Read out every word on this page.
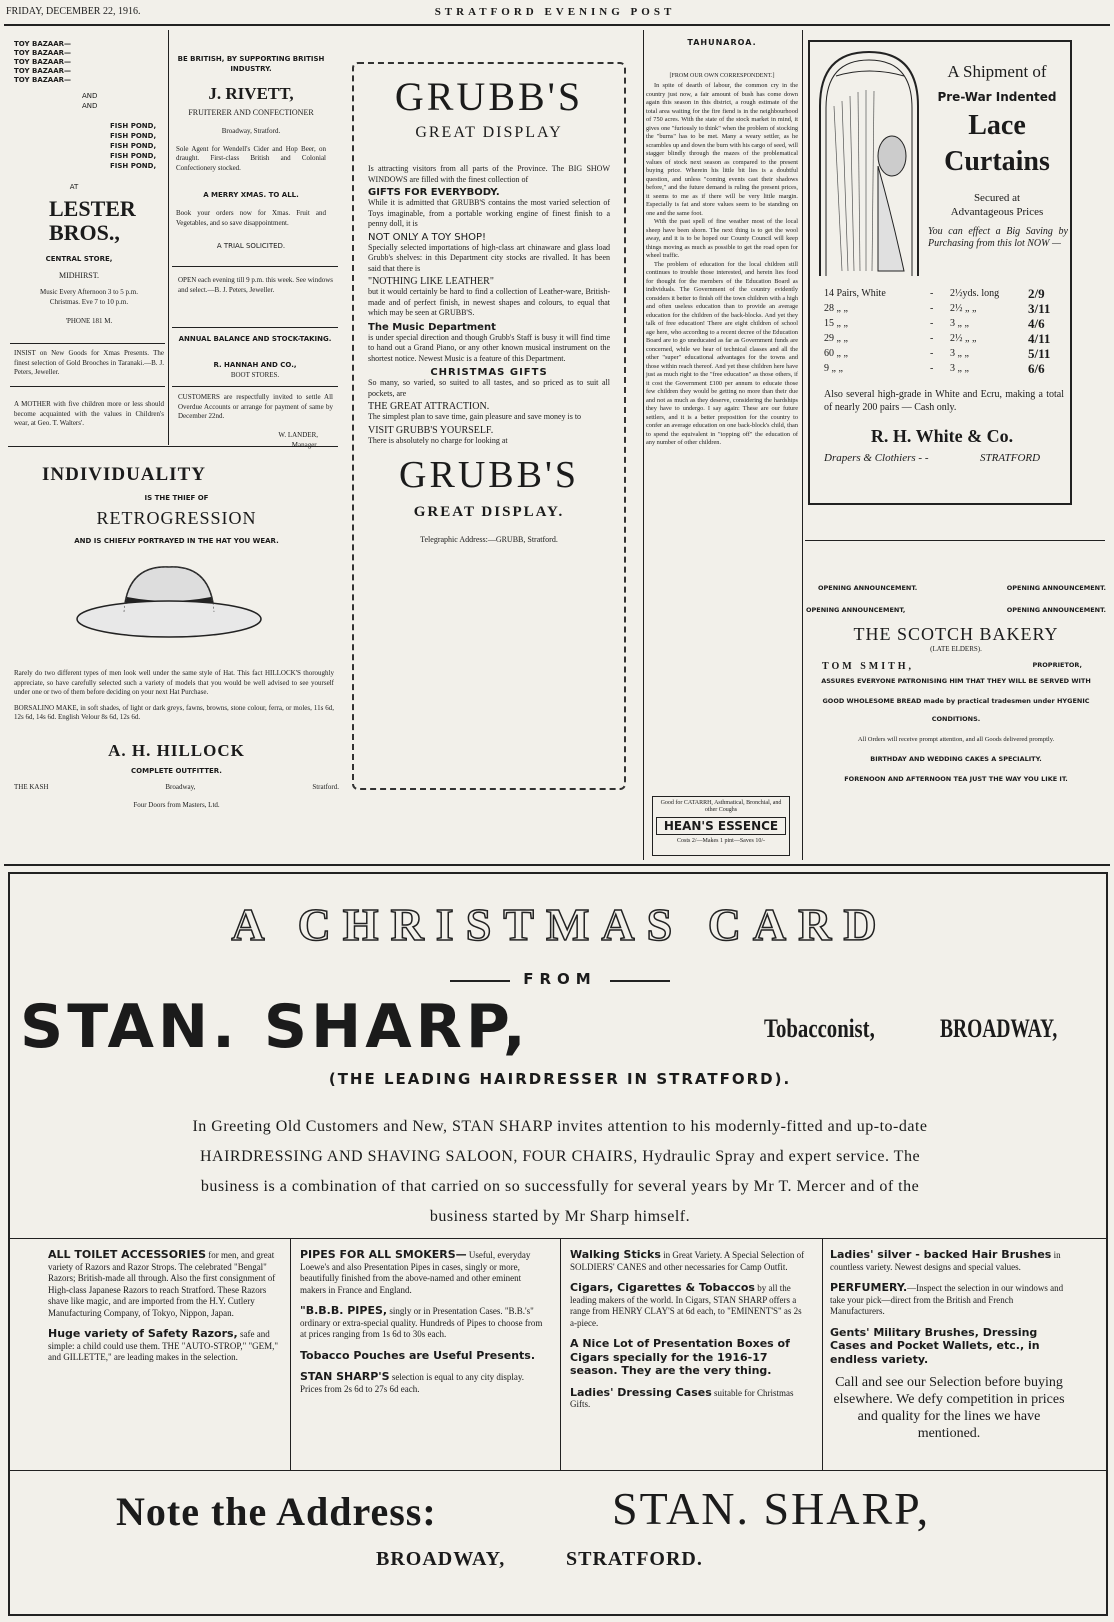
FRIDAY, DECEMBER 22, 1916.	STRATFORD EVENING POST
TOY BAZAAR—
TOY BAZAAR—
TOY BAZAAR—
TOY BAZAAR—
TOY BAZAAR—
AND
AND
FISH POND,
FISH POND,
FISH POND,
FISH POND,
FISH POND,
AT
LESTER BROS.,
CENTRAL STORE,
MIDHIRST.
Music Every Afternoon 3 to 5 p.m.
Christmas. Eve 7 to 10 p.m.
'PHONE 181 M.
INSIST on New Goods for Xmas Presents. The finest selection of Gold Brooches in Taranaki.—B. J. Peters, Jeweller.
A MOTHER with five children more or less should become acquainted with the values in Children's wear, at Geo. T. Walters'.
BE BRITISH, BY SUPPORTING BRITISH INDUSTRY.
J. RIVETT,
FRUITERER AND CONFECTIONER
Broadway, Stratford.
Sole Agent for Wendell's Cider and Hop Beer, on draught. First-class British and Colonial Confectionery stocked.
A MERRY XMAS. TO ALL.
Book your orders now for Xmas. Fruit and Vegetables, and so save disappointment.
A TRIAL SOLICITED.
OPEN each evening till 9 p.m. this week. See windows and select.—B. J. Peters, Jeweller.
ANNUAL BALANCE AND STOCK-TAKING.
R. HANNAH AND CO.,
BOOT STORES.
CUSTOMERS are respectfully invited to settle All Overdue Accounts or arrange for payment of same by December 22nd.
W. LANDER,
Manager.
INDIVIDUALITY
IS THE THIEF OF
RETROGRESSION
AND IS CHIEFLY PORTRAYED IN THE HAT YOU WEAR.
Rarely do two different types of men look well under the same style of Hat. This fact HILLOCK'S thoroughly appreciate, so have carefully selected such a variety of models that you would be well advised to see yourself under one or two of them before deciding on your next Hat Purchase.
BORSALINO MAKE, in soft shades, of light or dark greys, fawns, browns, stone colour, ferra, or moles, 11s 6d, 12s 6d, 14s 6d. English Velour 8s 6d, 12s 6d.
A. H. HILLOCK
COMPLETE OUTFITTER.
THE KASH	Broadway,	Stratford.
Four Doors from Masters, Ltd.
GRUBB'S
GREAT DISPLAY
Is attracting visitors from all parts of the Province. The BIG SHOW WINDOWS are filled with the finest collection of
GIFTS FOR EVERYBODY.
While it is admitted that GRUBB'S contains the most varied selection of Toys imaginable, from a portable working engine of finest finish to a penny doll, it is
NOT ONLY A TOY SHOP!
Specially selected importations of high-class art chinaware and glass load Grubb's shelves: in this Department city stocks are rivalled. It has been said that there is
"NOTHING LIKE LEATHER"
but it would certainly be hard to find a collection of Leather-ware, British-made and of perfect finish, in newest shapes and colours, to equal that which may be seen at GRUBB'S.
The Music Department
is under special direction and though Grubb's Staff is busy it will find time to hand out a Grand Piano, or any other known musical instrument on the shortest notice. Newest Music is a feature of this Department.
CHRISTMAS GIFTS
So many, so varied, so suited to all tastes, and so priced as to suit all pockets, are
THE GREAT ATTRACTION.
The simplest plan to save time, gain pleasure and save money is to
VISIT GRUBB'S YOURSELF.
There is absolutely no charge for looking at
GRUBB'S
GREAT DISPLAY.
Telegraphic Address:—GRUBB, Stratford.
TAHUNAROA.
[FROM OUR OWN CORRESPONDENT.]
In spite of dearth of labour, the common cry in the country just now, a fair amount of bush has come down again this season in this district, a rough estimate of the total area waiting for the fire fiend is in the neighbourhood of 750 acres. With the state of the stock market in mind, it gives one "furiously to think" when the problem of stocking the "burns" has to be met. Many a weary settler, as he scrambles up and down the burn with his cargo of seed, will stagger blindly through the mazes of the problematical values of stock next season as compared to the present buying price. Wherein his little bit lies is a doubtful question, and unless "coming events cast their shadows before," and the future demand is ruling the present prices, it seems to me as if there will be very little margin. Especially is fat and store values seem to be standing on one and the same foot.
With the past spell of fine weather most of the local sheep have been shorn. The next thing is to get the wool away, and it is to be hoped our County Council will keep things moving as much as possible to get the road open for wheel traffic.
The problem of education for the local children still continues to trouble those interested, and herein lies food for thought for the members of the Education Board as individuals. The Government of the country evidently considers it better to finish off the town children with a high and often useless education than to provide an average education for the children of the back-blocks. And yet they talk of free education! There are eight children of school age here, who according to a recent decree of the Education Board are to go uneducated as far as Government funds are concerned, while we hear of technical classes and all the other "super" educational advantages for the towns and those within reach thereof. And yet these children here have just as much right to the "free education" as those others, if it cost the Government £100 per annum to educate those few children they would be getting no more than their due and not as much as they deserve, considering the hardships they have to undergo. I say again: These are our future settlers, and it is a better preposition for the country to confer an average education on one back-block's child, than to spend the equivalent in "topping off" the education of any number of other children.
Good for CATARRH, Asthmatical, Bronchial, and other Coughs
HEAN'S ESSENCE
Costs 2/—Makes 1 pint—Saves 10/-
A Shipment of
Pre-War Indented
Lace
Curtains
Secured at
Advantageous Prices
You can effect a Big Saving by Purchasing from this lot NOW —
14 Pairs, White	-	2½yds. long	2/9
28 „ „	-	2½ „ „	3/11
15 „ „	-	3 „ „	4/6
29 „ „	-	2½ „ „	4/11
60 „ „	-	3 „ „	5/11
9 „ „	-	3 „ „	6/6
Also several high-grade in White and Ecru, making a total of nearly 200 pairs — Cash only.
R. H. White & Co.
Drapers & Clothiers - -	STRATFORD
OPENING ANNOUNCEMENT.	OPENING ANNOUNCEMENT.
OPENING ANNOUNCEMENT,	OPENING ANNOUNCEMENT.
THE SCOTCH BAKERY
(LATE ELDERS).
TOM SMITH,	PROPRIETOR,
ASSURES EVERYONE PATRONISING HIM THAT THEY WILL BE SERVED WITH
GOOD WHOLESOME BREAD made by practical tradesmen under HYGENIC CONDITIONS.
All Orders will receive prompt attention, and all Goods delivered promptly.
BIRTHDAY AND WEDDING CAKES A SPECIALITY.
FORENOON AND AFTERNOON TEA JUST THE WAY YOU LIKE IT.
A CHRISTMAS CARD
FROM
STAN. SHARP,	Tobacconist,	BROADWAY,
(THE LEADING HAIRDRESSER IN STRATFORD).
In Greeting Old Customers and New, STAN SHARP invites attention to his modernly-fitted and up-to-date
HAIRDRESSING AND SHAVING SALOON, FOUR CHAIRS, Hydraulic Spray and expert service. The
business is a combination of that carried on so successfully for several years by Mr T. Mercer and of the
business started by Mr Sharp himself.

ALL TOILET ACCESSORIES for men, and great variety of Razors and Razor Strops. The celebrated "Bengal" Razors; British-made all through. Also the first consignment of High-class Japanese Razors to reach Stratford. These Razors shave like magic, and are imported from the H.Y. Cutlery Manufacturing Company, of Tokyo, Nippon, Japan.

Huge variety of Safety Razors, safe and simple: a child could use them. THE "AUTO-STROP," "GEM," and GILLETTE," are leading makes in the selection.

PIPES FOR ALL SMOKERS— Useful, everyday Loewe's and also Presentation Pipes in cases, singly or more, beautifully finished from the above-named and other eminent makers in France and England.

"B.B.B. PIPES, singly or in Presentation Cases. "B.B.'s" ordinary or extra-special quality. Hundreds of Pipes to choose from at prices ranging from 1s 6d to 30s each.

Tobacco Pouches are Useful Presents.

STAN SHARP'S selection is equal to any city display. Prices from 2s 6d to 27s 6d each.

Walking Sticks in Great Variety. A Special Selection of SOLDIERS' CANES and other necessaries for Camp Outfit.

Cigars, Cigarettes & Tobaccos by all the leading makers of the world. In Cigars, STAN SHARP offers a range from HENRY CLAY'S at 6d each, to "EMINENT'S" as 2s a-piece.

A Nice Lot of Presentation Boxes of Cigars specially for the 1916-17 season. They are the very thing.

Ladies' Dressing Cases suitable for Christmas Gifts.

Ladies' silver - backed Hair Brushes in countless variety. Newest designs and special values.

PERFUMERY.—Inspect the selection in our windows and take your pick—direct from the British and French Manufacturers.

Gents' Military Brushes, Dressing Cases and Pocket Wallets, etc., in endless variety.

Call and see our Selection before buying elsewhere. We defy competition in prices and quality for the lines we have mentioned.

Note the Address:	STAN. SHARP,
BROADWAY,	STRATFORD.
